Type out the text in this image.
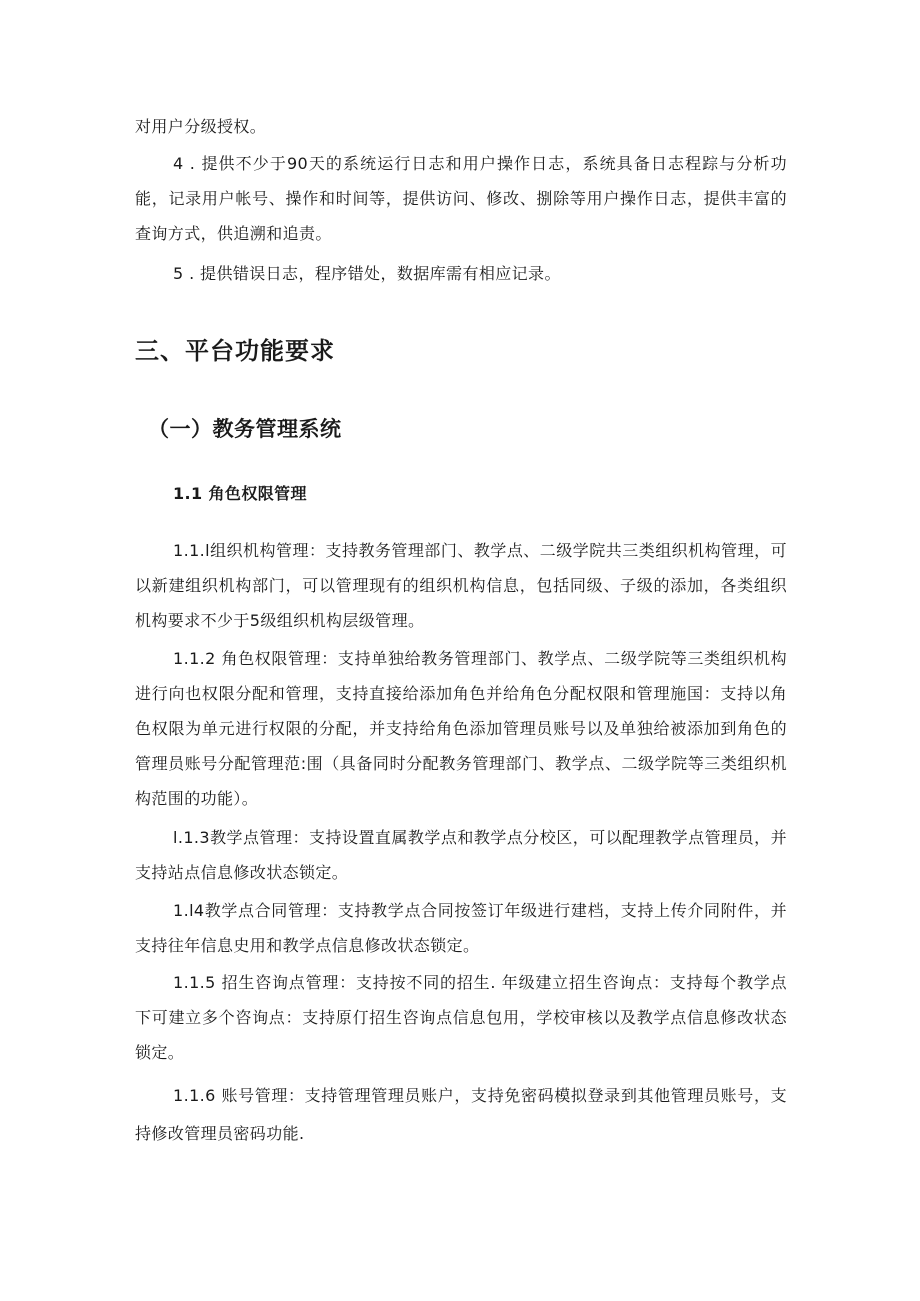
对用户分级授权。

4 . 提供不少于90天的系统运行日志和用户操作日志，系统具备日志程踪与分析功能，记录用户帐号、操作和时间等，提供访问、修改、捌除等用户操作日志，提供丰富的查询方式，供追溯和追责。

5 . 提供错误日志，程序错处，数据库需有相应记录。

三、平台功能要求
（一）教务管理系统
1.1 角色权限管理

1.1.l组织机构管理：支持教务管理部门、教学点、二级学院共三类组织机构管理，可以新建组织机构部门，可以管理现有的组织机构信息，包括同级、子级的添加，各类组织机构要求不少于5级组织机构层级管理。

1.1.2 角色权限管理：支持单独给教务管理部门、教学点、二级学院等三类组织机构进行向也权限分配和管理，支持直接给添加角色并给角色分配权限和管理施国：支持以角色权限为单元进行权限的分配，并支持给角色添加管理员账号以及单独给被添加到角色的管理员账号分配管理范:围（具备同时分配教务管理部门、教学点、二级学院等三类组织机构范围的功能）。

l.1.3教学点管理：支持设置直属教学点和教学点分校区，可以配理教学点管理员，并支持站点信息修改状态锁定。

1.l4教学点合同管理：支持教学点合同按签订年级进行建档，支持上传介同附件，并支持往年信息史用和教学点信息修改状态锁定。

1.1.5 招生咨询点管理：支持按不同的招生. 年级建立招生咨询点：支持每个教学点下可建立多个咨询点：支持原仃招生咨询点信息包用，学校审核以及教学点信息修改状态锁定。

1.1.6 账号管理：支持管理管理员账户，支持免密码模拟登录到其他管理员账号，支持修改管理员密码功能.
